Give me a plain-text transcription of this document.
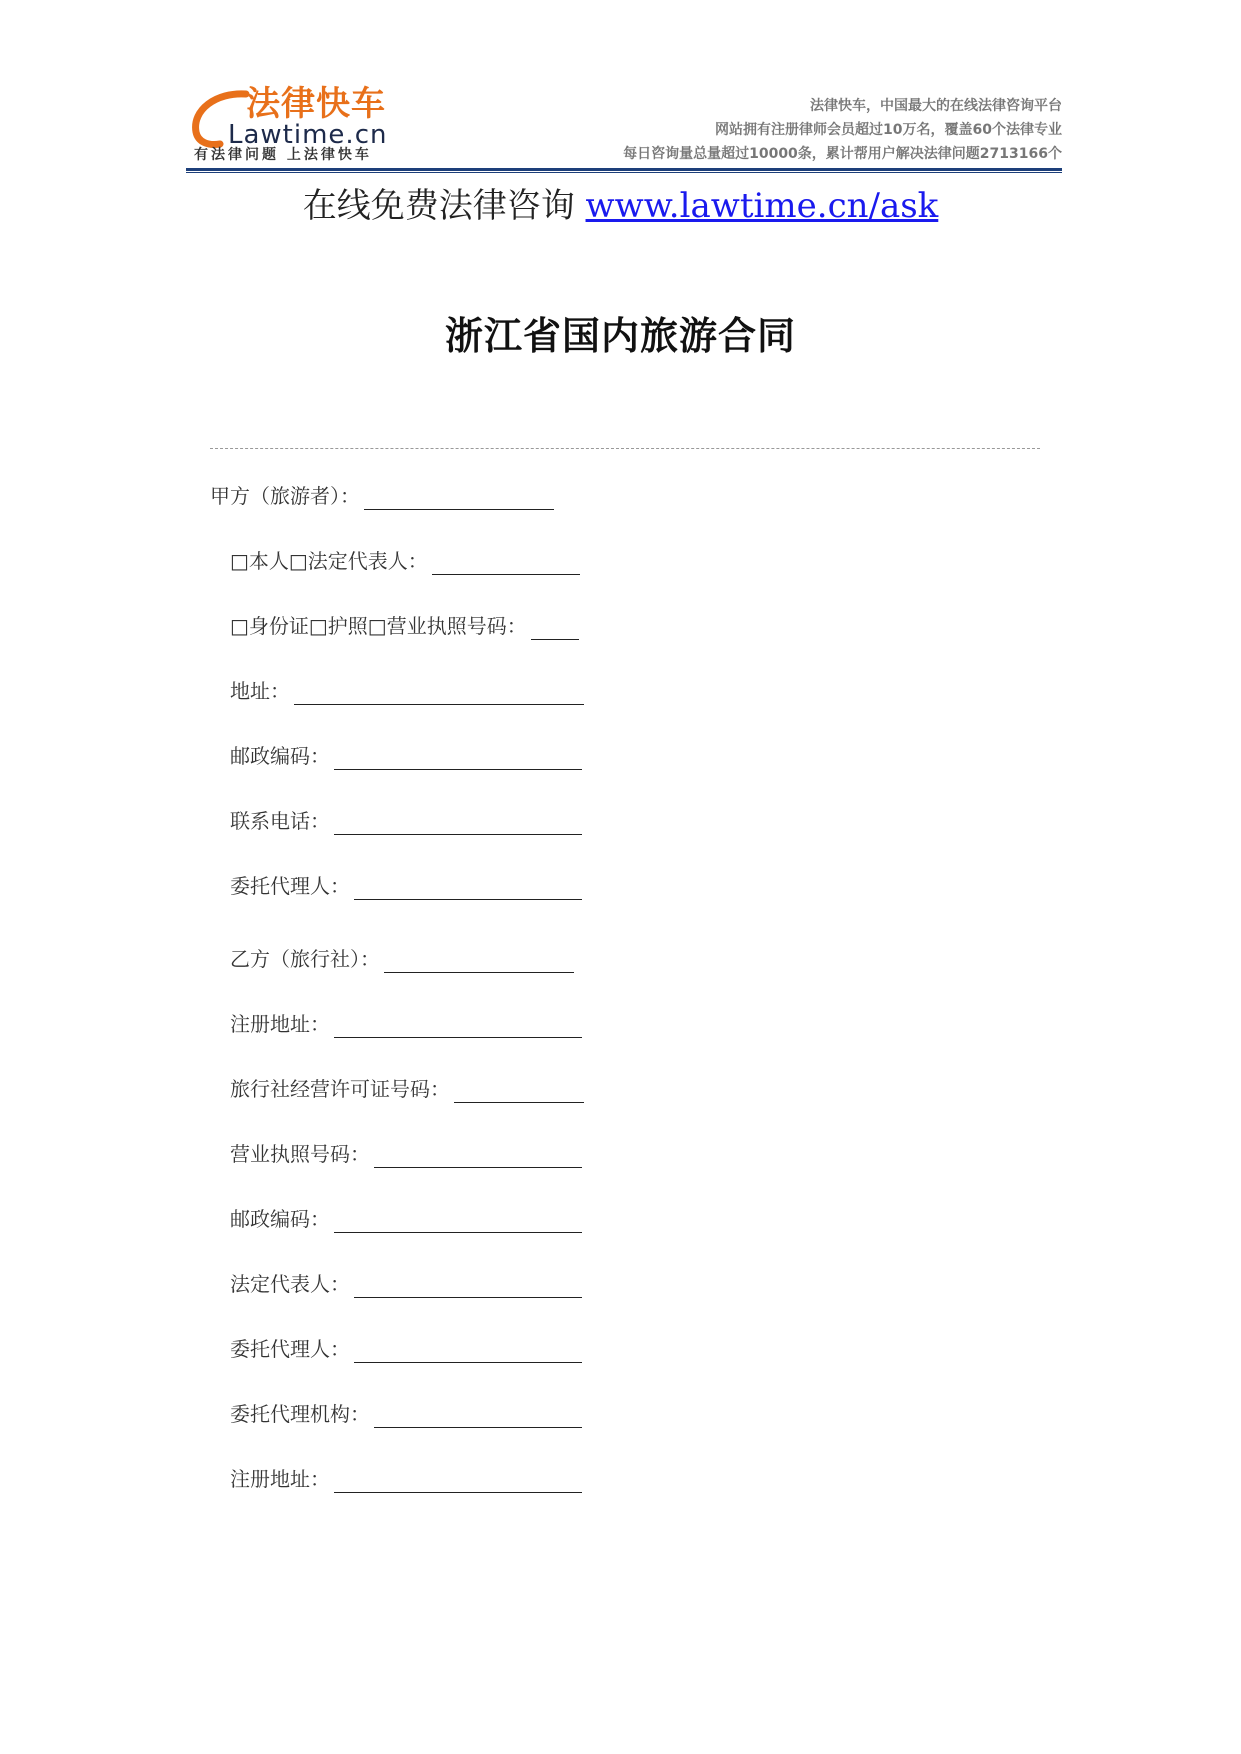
法律快车
Lawtime.cn
有法律问题 上法律快车
法律快车，中国最大的在线法律咨询平台
网站拥有注册律师会员超过10万名，覆盖60个法律专业
每日咨询量总量超过10000条，累计帮用户解决法律问题2713166个
在线免费法律咨询 www.lawtime.cn/ask
浙江省国内旅游合同
甲方（旅游者）：
□本人□法定代表人：
□身份证□护照□营业执照号码：
地址：
邮政编码：
联系电话：
委托代理人：
乙方（旅行社）：
注册地址：
旅行社经营许可证号码：
营业执照号码：
邮政编码：
法定代表人：
委托代理人：
委托代理机构：
注册地址：
